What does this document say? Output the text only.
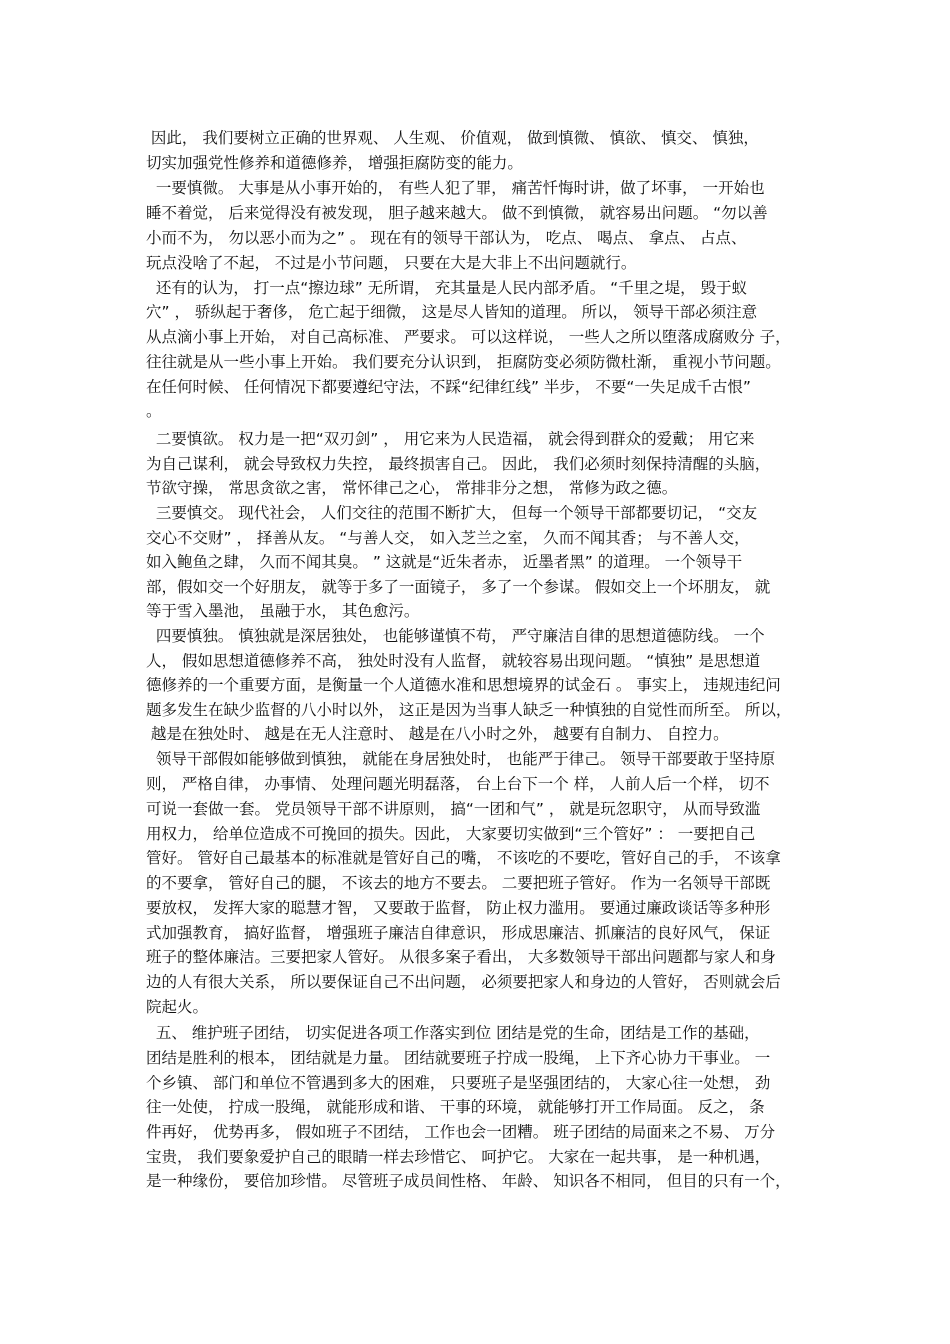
因此， 我们要树立正确的世界观、 人生观、 价值观， 做到慎微、 慎欲、 慎交、 慎独，
切实加强党性修养和道德修养， 增强拒腐防变的能力。
一要慎微。 大事是从小事开始的， 有些人犯了罪， 痛苦忏悔时讲，做了坏事， 一开始也
睡不着觉， 后来觉得没有被发现， 胆子越来越大。 做不到慎微， 就容易出问题。 “勿以善
小而不为， 勿以恶小而为之” 。 现在有的领导干部认为， 吃点、 喝点、 拿点、 占点、
玩点没啥了不起， 不过是小节问题， 只要在大是大非上不出问题就行。
还有的认为， 打一点“擦边球” 无所谓， 充其量是人民内部矛盾。 “千里之堤， 毁于蚁
穴” ， 骄纵起于奢侈， 危亡起于细微， 这是尽人皆知的道理。 所以， 领导干部必须注意
从点滴小事上开始， 对自己高标准、 严要求。 可以这样说， 一些人之所以堕落成腐败分 子，
往往就是从一些小事上开始。 我们要充分认识到， 拒腐防变必须防微杜渐， 重视小节问题。
在任何时候、 任何情况下都要遵纪守法，不踩“纪律红线” 半步， 不要“一失足成千古恨”
。
二要慎欲。 权力是一把“双刃剑” ， 用它来为人民造福， 就会得到群众的爱戴； 用它来
为自己谋利， 就会导致权力失控， 最终损害自己。 因此， 我们必须时刻保持清醒的头脑，
节欲守操， 常思贪欲之害， 常怀律己之心， 常排非分之想， 常修为政之德。
三要慎交。 现代社会， 人们交往的范围不断扩大， 但每一个领导干部都要切记， “交友
交心不交财” ， 择善从友。 “与善人交， 如入芝兰之室， 久而不闻其香； 与不善人交，
如入鲍鱼之肆， 久而不闻其臭。 ” 这就是“近朱者赤， 近墨者黑” 的道理。 一个领导干
部，假如交一个好朋友， 就等于多了一面镜子， 多了一个参谋。 假如交上一个坏朋友， 就
等于雪入墨池， 虽融于水， 其色愈污。
四要慎独。 慎独就是深居独处， 也能够谨慎不苟， 严守廉洁自律的思想道德防线。 一个
人， 假如思想道德修养不高， 独处时没有人监督， 就较容易出现问题。 “慎独” 是思想道
德修养的一个重要方面，是衡量一个人道德水准和思想境界的试金石 。 事实上， 违规违纪问
题多发生在缺少监督的八小时以外， 这正是因为当事人缺乏一种慎独的自觉性而所至。 所以，
越是在独处时、 越是在无人注意时、 越是在八小时之外， 越要有自制力、 自控力。
领导干部假如能够做到慎独， 就能在身居独处时， 也能严于律己。 领导干部要敢于坚持原
则， 严格自律， 办事情、 处理问题光明磊落， 台上台下一个 样， 人前人后一个样， 切不
可说一套做一套。 党员领导干部不讲原则， 搞“一团和气” ， 就是玩忽职守， 从而导致滥
用权力， 给单位造成不可挽回的损失。因此， 大家要切实做到“三个管好” ： 一要把自己
管好。 管好自己最基本的标准就是管好自己的嘴， 不该吃的不要吃，管好自己的手， 不该拿
的不要拿， 管好自己的腿， 不该去的地方不要去。 二要把班子管好。 作为一名领导干部既
要放权， 发挥大家的聪慧才智， 又要敢于监督， 防止权力滥用。 要通过廉政谈话等多种形
式加强教育， 搞好监督， 增强班子廉洁自律意识， 形成思廉洁、抓廉洁的良好风气， 保证
班子的整体廉洁。三要把家人管好。 从很多案子看出， 大多数领导干部出问题都与家人和身
边的人有很大关系， 所以要保证自己不出问题， 必须要把家人和身边的人管好， 否则就会后
院起火。
五、 维护班子团结， 切实促进各项工作落实到位 团结是党的生命，团结是工作的基础，
团结是胜利的根本， 团结就是力量。 团结就要班子拧成一股绳， 上下齐心协力干事业。 一
个乡镇、 部门和单位不管遇到多大的困难， 只要班子是坚强团结的， 大家心往一处想， 劲
往一处使， 拧成一股绳， 就能形成和谐、 干事的环境， 就能够打开工作局面。 反之， 条
件再好， 优势再多， 假如班子不团结， 工作也会一团糟。 班子团结的局面来之不易、 万分
宝贵， 我们要象爱护自己的眼睛一样去珍惜它、 呵护它。 大家在一起共事， 是一种机遇，
是一种缘份， 要倍加珍惜。 尽管班子成员间性格、 年龄、 知识各不相同， 但目的只有一个，
